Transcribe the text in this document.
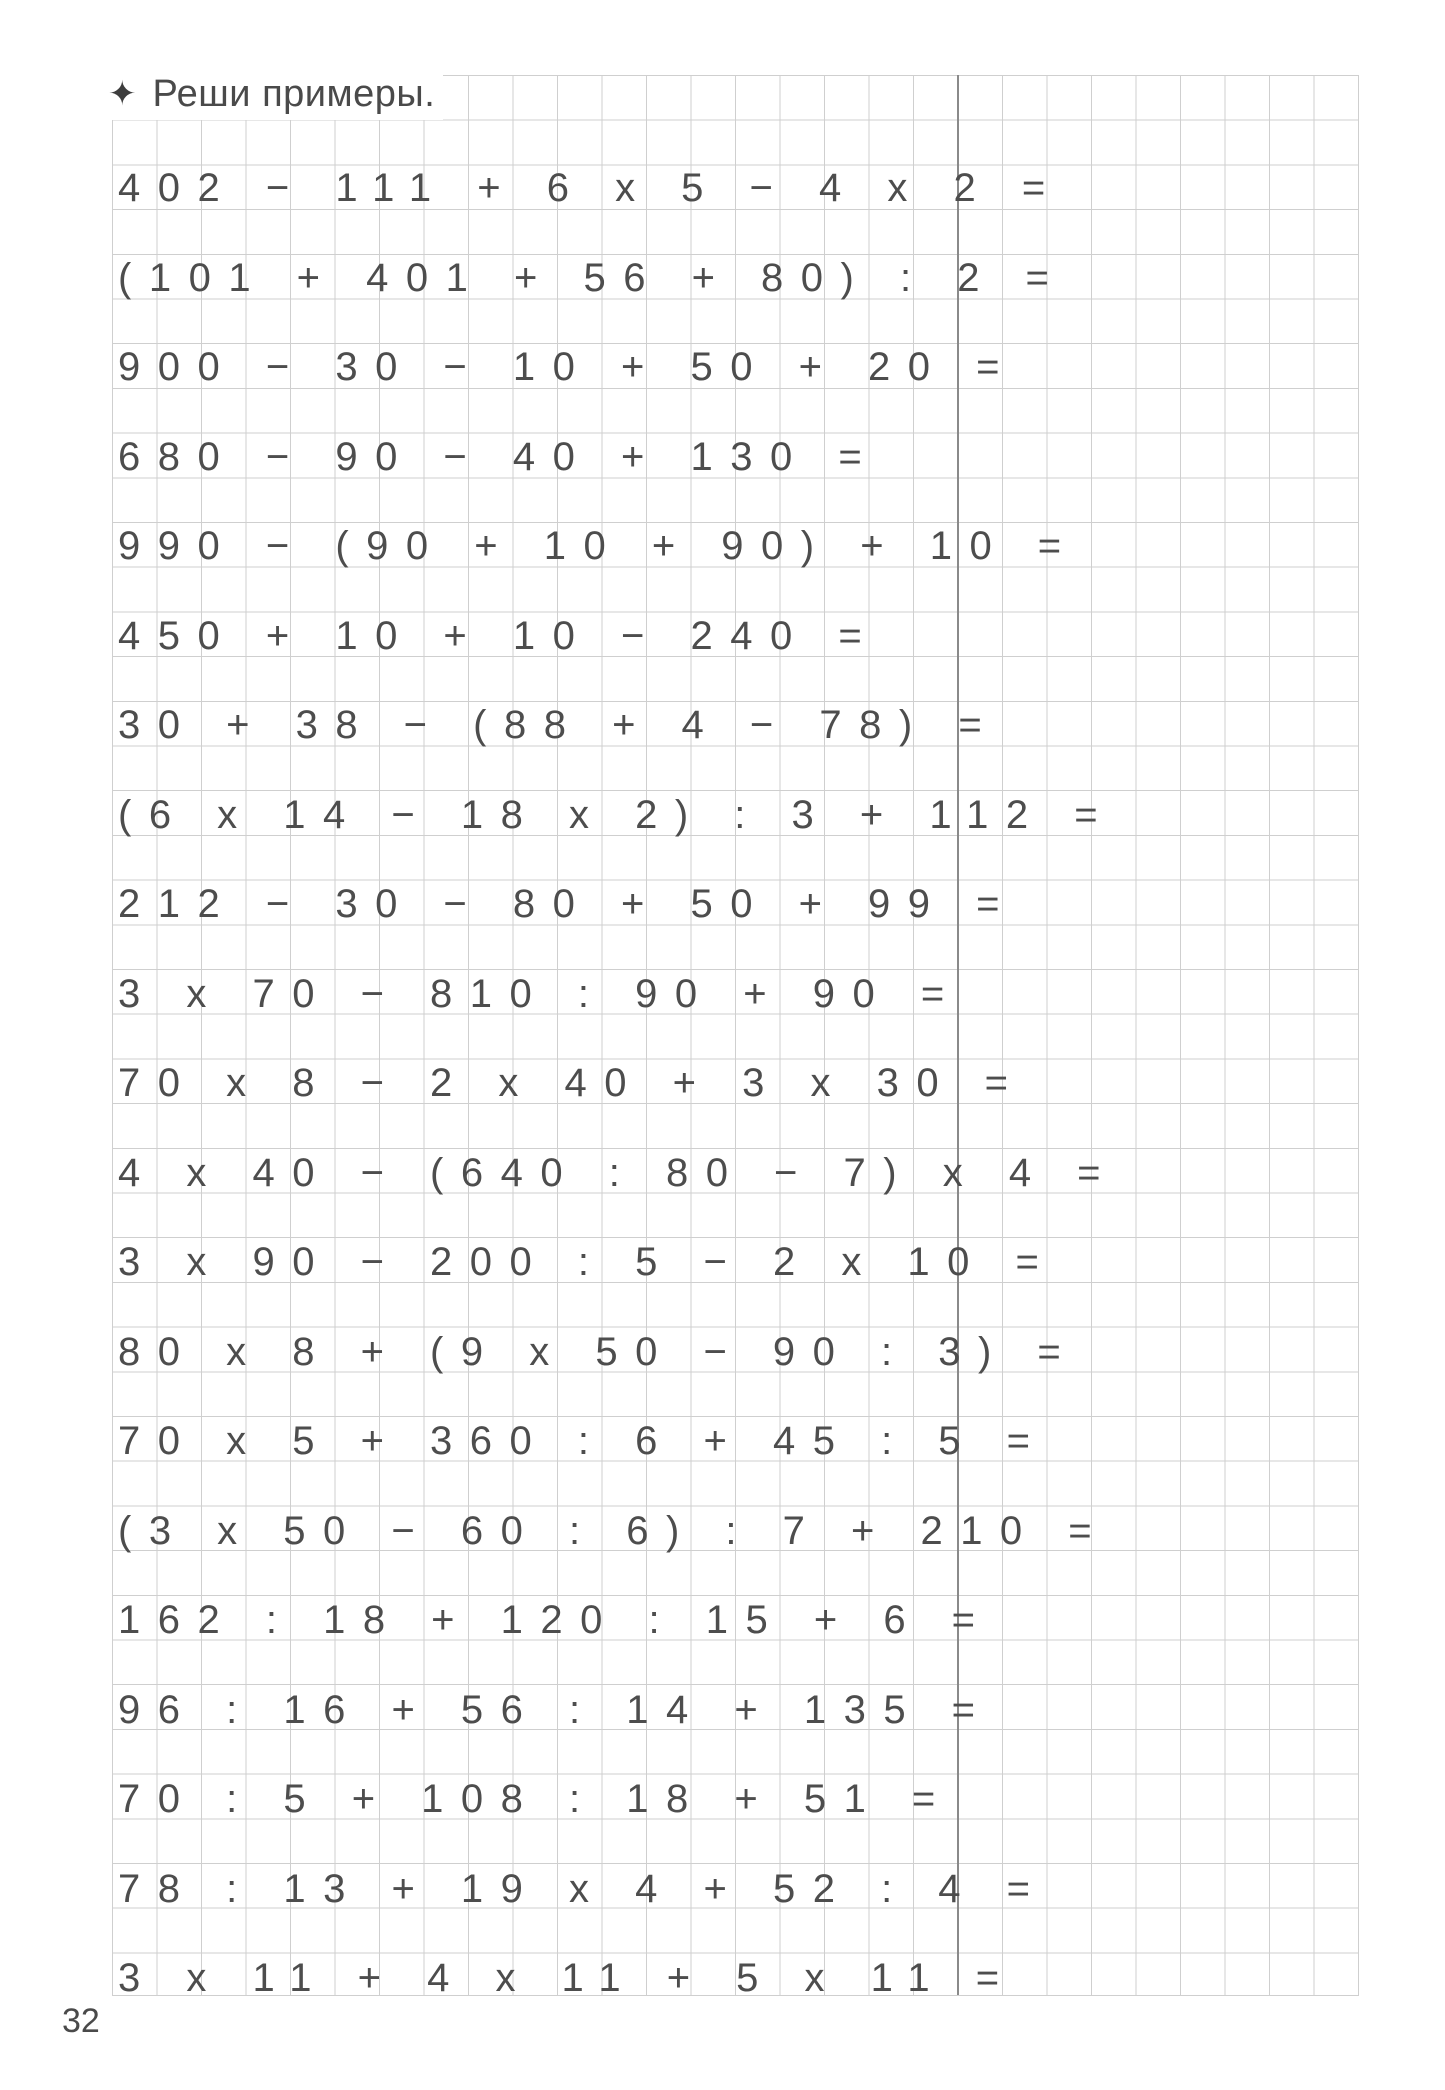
✦ Реши примеры.
402 − 111 + 6 x 5 − 4 x 2 =
(101 + 401 + 56 + 80) : 2 =
900 − 30 − 10 + 50 + 20 =
680 − 90 − 40 + 130 =
990 − (90 + 10 + 90) + 10 =
450 + 10 + 10 − 240 =
30 + 38 − (88 + 4 − 78) =
(6 x 14 − 18 x 2) : 3 + 112 =
212 − 30 − 80 + 50 + 99 =
3 x 70 − 810 : 90 + 90 =
70 x 8 − 2 x 40 + 3 x 30 =
4 x 40 − (640 : 80 − 7) x 4 =
3 x 90 − 200 : 5 − 2 x 10 =
80 x 8 + (9 x 50 − 90 : 3) =
70 x 5 + 360 : 6 + 45 : 5 =
(3 x 50 − 60 : 6) : 7 + 210 =
162 : 18 + 120 : 15 + 6 =
96 : 16 + 56 : 14 + 135 =
70 : 5 + 108 : 18 + 51 =
78 : 13 + 19 x 4 + 52 : 4 =
3 x 11 + 4 x 11 + 5 x 11 =
32
